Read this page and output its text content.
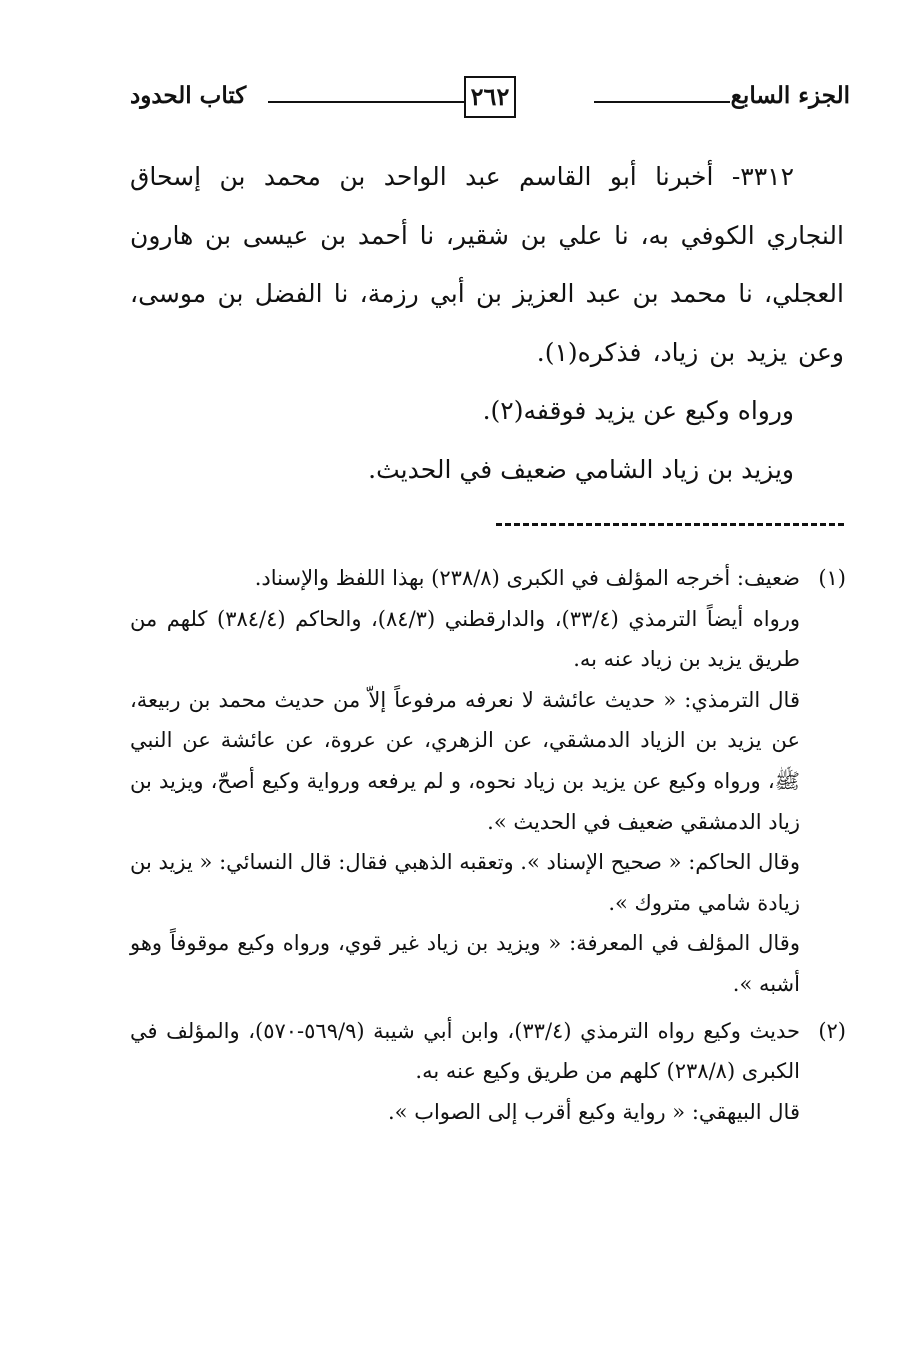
الجزء السابع
٢٦٢
كتاب الحدود

٣٣١٢- أخبرنا أبو القاسم عبد الواحد بن محمد بن إسحاق النجاري الكوفي به، نا علي بن شقير، نا أحمد بن عيسى بن هارون العجلي، نا محمد بن عبد العزيز بن أبي رزمة، نا الفضل بن موسى، وعن يزيد بن زياد، فذكره(١).

ورواه وكيع عن يزيد فوقفه(٢).

ويزيد بن زياد الشامي ضعيف في الحديث.

(١)

ضعيف: أخرجه المؤلف في الكبرى (٢٣٨/٨) بهذا اللفظ والإسناد.

ورواه أيضاً الترمذي (٣٣/٤)، والدارقطني (٨٤/٣)، والحاكم (٣٨٤/٤) كلهم من طريق يزيد بن زياد عنه به.

قال الترمذي: « حديث عائشة لا نعرفه مرفوعاً إلاّ من حديث محمد بن ربيعة، عن يزيد بن الزياد الدمشقي، عن الزهري، عن عروة، عن عائشة عن النبي ﷺ، ورواه وكيع عن يزيد بن زياد نحوه، و لم يرفعه ورواية وكيع أصحّ، ويزيد بن زياد الدمشقي ضعيف في الحديث ».

وقال الحاكم: « صحيح الإسناد ». وتعقبه الذهبي فقال: قال النسائي: « يزيد بن زيادة شامي متروك ».

وقال المؤلف في المعرفة: « ويزيد بن زياد غير قوي، ورواه وكيع موقوفاً وهو أشبه ».

(٢)

حديث وكيع رواه الترمذي (٣٣/٤)، وابن أبي شيبة (٥٦٩/٩-٥٧٠)، والمؤلف في الكبرى (٢٣٨/٨) كلهم من طريق وكيع عنه به.

قال البيهقي: « رواية وكيع أقرب إلى الصواب ».
